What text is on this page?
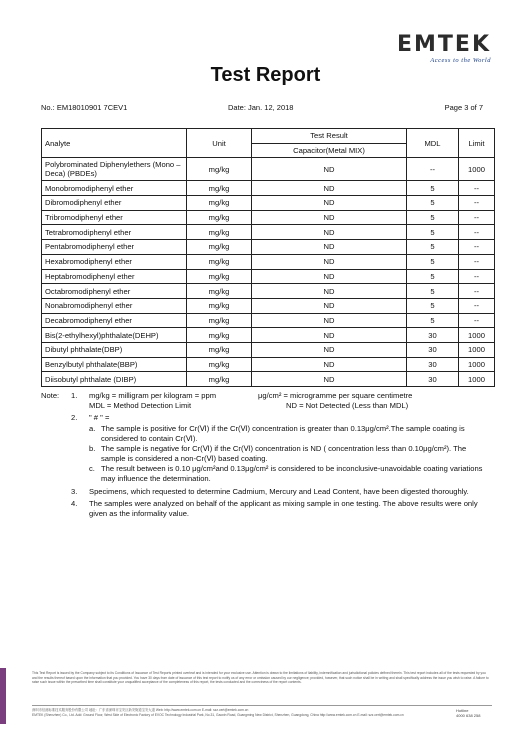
EMTEK
Access to the World
Test Report
No.: EM18010901 7CEV1	Date: Jan. 12, 2018	Page 3 of 7
Analyte	Unit	Test Result	MDL	Limit
		Capacitor(Metal MIX)		
Polybrominated Diphenylethers (Mono – Deca) (PBDEs)	mg/kg	ND	--	1000
Monobromodiphenyl ether	mg/kg	ND	5	--
Dibromodiphenyl ether	mg/kg	ND	5	--
Tribromodiphenyl ether	mg/kg	ND	5	--
Tetrabromodiphenyl ether	mg/kg	ND	5	--
Pentabromodiphenyl ether	mg/kg	ND	5	--
Hexabromodiphenyl ether	mg/kg	ND	5	--
Heptabromodiphenyl ether	mg/kg	ND	5	--
Octabromodiphenyl ether	mg/kg	ND	5	--
Nonabromodiphenyl ether	mg/kg	ND	5	--
Decabromodiphenyl ether	mg/kg	ND	5	--
Bis(2-ethylhexyl)phthalate(DEHP)	mg/kg	ND	30	1000
Dibutyl phthalate(DBP)	mg/kg	ND	30	1000
Benzylbutyl phthalate(BBP)	mg/kg	ND	30	1000
Diisobutyl phthalate (DIBP)	mg/kg	ND	30	1000
Note: 1. mg/kg = milligram per kilogram = ppm	μg/cm² = microgramme per square centimetre
MDL = Method Detection Limit	ND = Not Detected (Less than MDL)
2. " # " =
a. The sample is positive for Cr(Ⅵ) if the Cr(Ⅵ) concentration is greater than 0.13μg/cm².The sample coating is considered to contain Cr(Ⅵ).
b. The sample is negative for Cr(Ⅵ) if the Cr(Ⅵ) concentration is ND ( concentration less than 0.10μg/cm²). The sample is considered a non-Cr(Ⅵ) based coating.
c. The result between is 0.10 μg/cm²and 0.13μg/cm² is considered to be inconclusive-unavoidable coating variations may influence the determination.
3. Specimens, which requested to determine Cadmium, Mercury and Lead Content, have been digested thoroughly.
4. The samples were analyzed on behalf of the applicant as mixing sample in one testing. The above results were only given as the informality value.
This Test Report is issued by the Company subject to its Conditions of Issuance of Test Reports printed overleaf and is intended for your exclusive use. Attention is drawn to the limitations of liability, indemnification and jurisdictional policies defined therein. This test report includes all of the tests requested by you and the results thereof based upon the information that you provided. You have 30 days from date of issuance of this test report to notify us of any error or omission caused by our negligence; provided, however, that such notice shall be in writing and shall specifically address the issue you wish to raise. A failure to raise such issue within the prescribed time shall constitute your unqualified acceptance of the completeness of this report, the tests conducted and the correctness of the report contents.
深圳市信测标准技术服务股份有限公司 地址：广东省深圳市宝安区新安街道宝安大道 Web: http://www.emtek.com.cn E-mail: szz.cert@emtek.com.cn
EMTEK (Shenzhen) Co., Ltd. Add: Ground Floor, West Side of Electronic Factory of EVOC Technology Industrial Park, No.31, Gaoxin Road, Guangming New District, Shenzhen, Guangdong, China http://www.emtek.com.cn E-mail: szz.cert@emtek.com.cn
Hotline
4000 638 258
